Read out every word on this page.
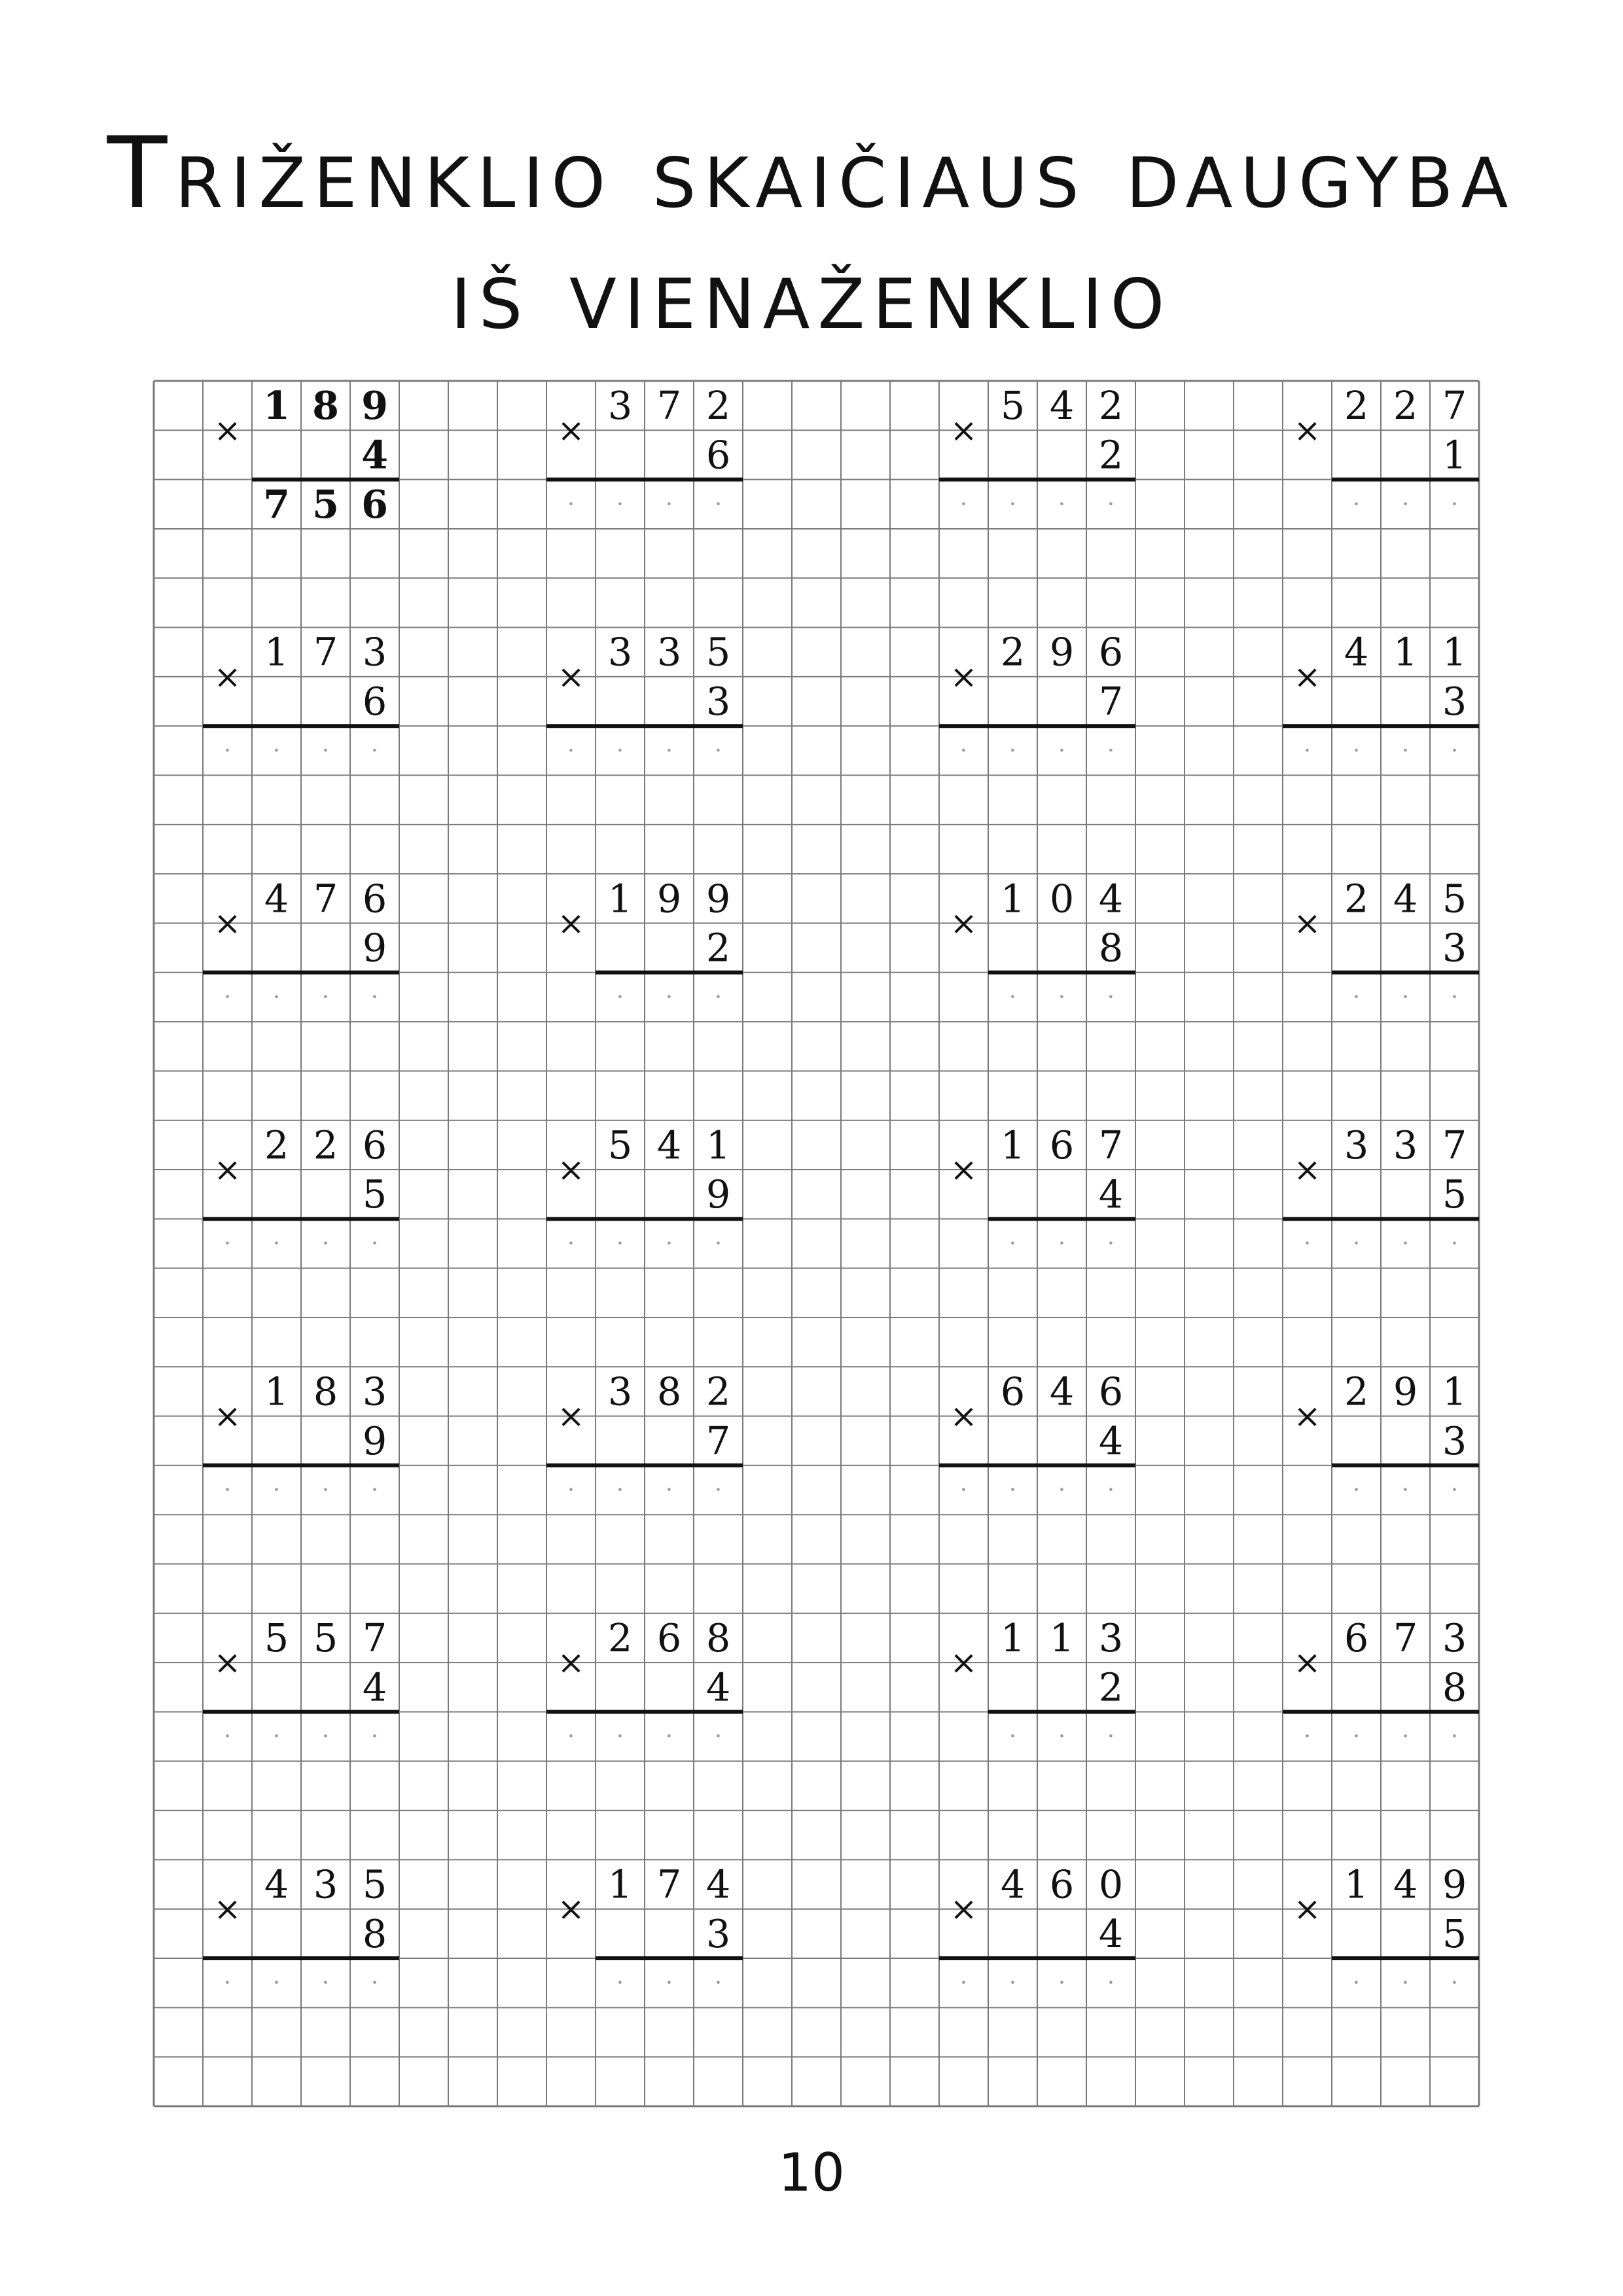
Triženklio skaičiaus daugyba
iš vienaženklio
×
1 8 9
4
7 5 6
×
3 7 2
6
· · · ·
×
5 4 2
2
· · · ·
×
2 2 7
1
· · ·
×
1 7 3
6
· · · ·
×
3 3 5
3
· · · ·
×
2 9 6
7
· · · ·
×
4 1 1
3
· · · ·
×
4 7 6
9
· · · ·
×
1 9 9
2
· · ·
×
1 0 4
8
· · ·
×
2 4 5
3
· · ·
×
2 2 6
5
· · · ·
×
5 4 1
9
· · · ·
×
1 6 7
4
· · ·
×
3 3 7
5
· · · ·
×
1 8 3
9
· · · ·
×
3 8 2
7
· · · ·
×
6 4 6
4
· · · ·
×
2 9 1
3
· · ·
×
5 5 7
4
· · · ·
×
2 6 8
4
· · · ·
×
1 1 3
2
· · ·
×
6 7 3
8
· · · ·
×
4 3 5
8
· · · ·
×
1 7 4
3
· · ·
×
4 6 0
4
· · · ·
×
1 4 9
5
· · ·
10
